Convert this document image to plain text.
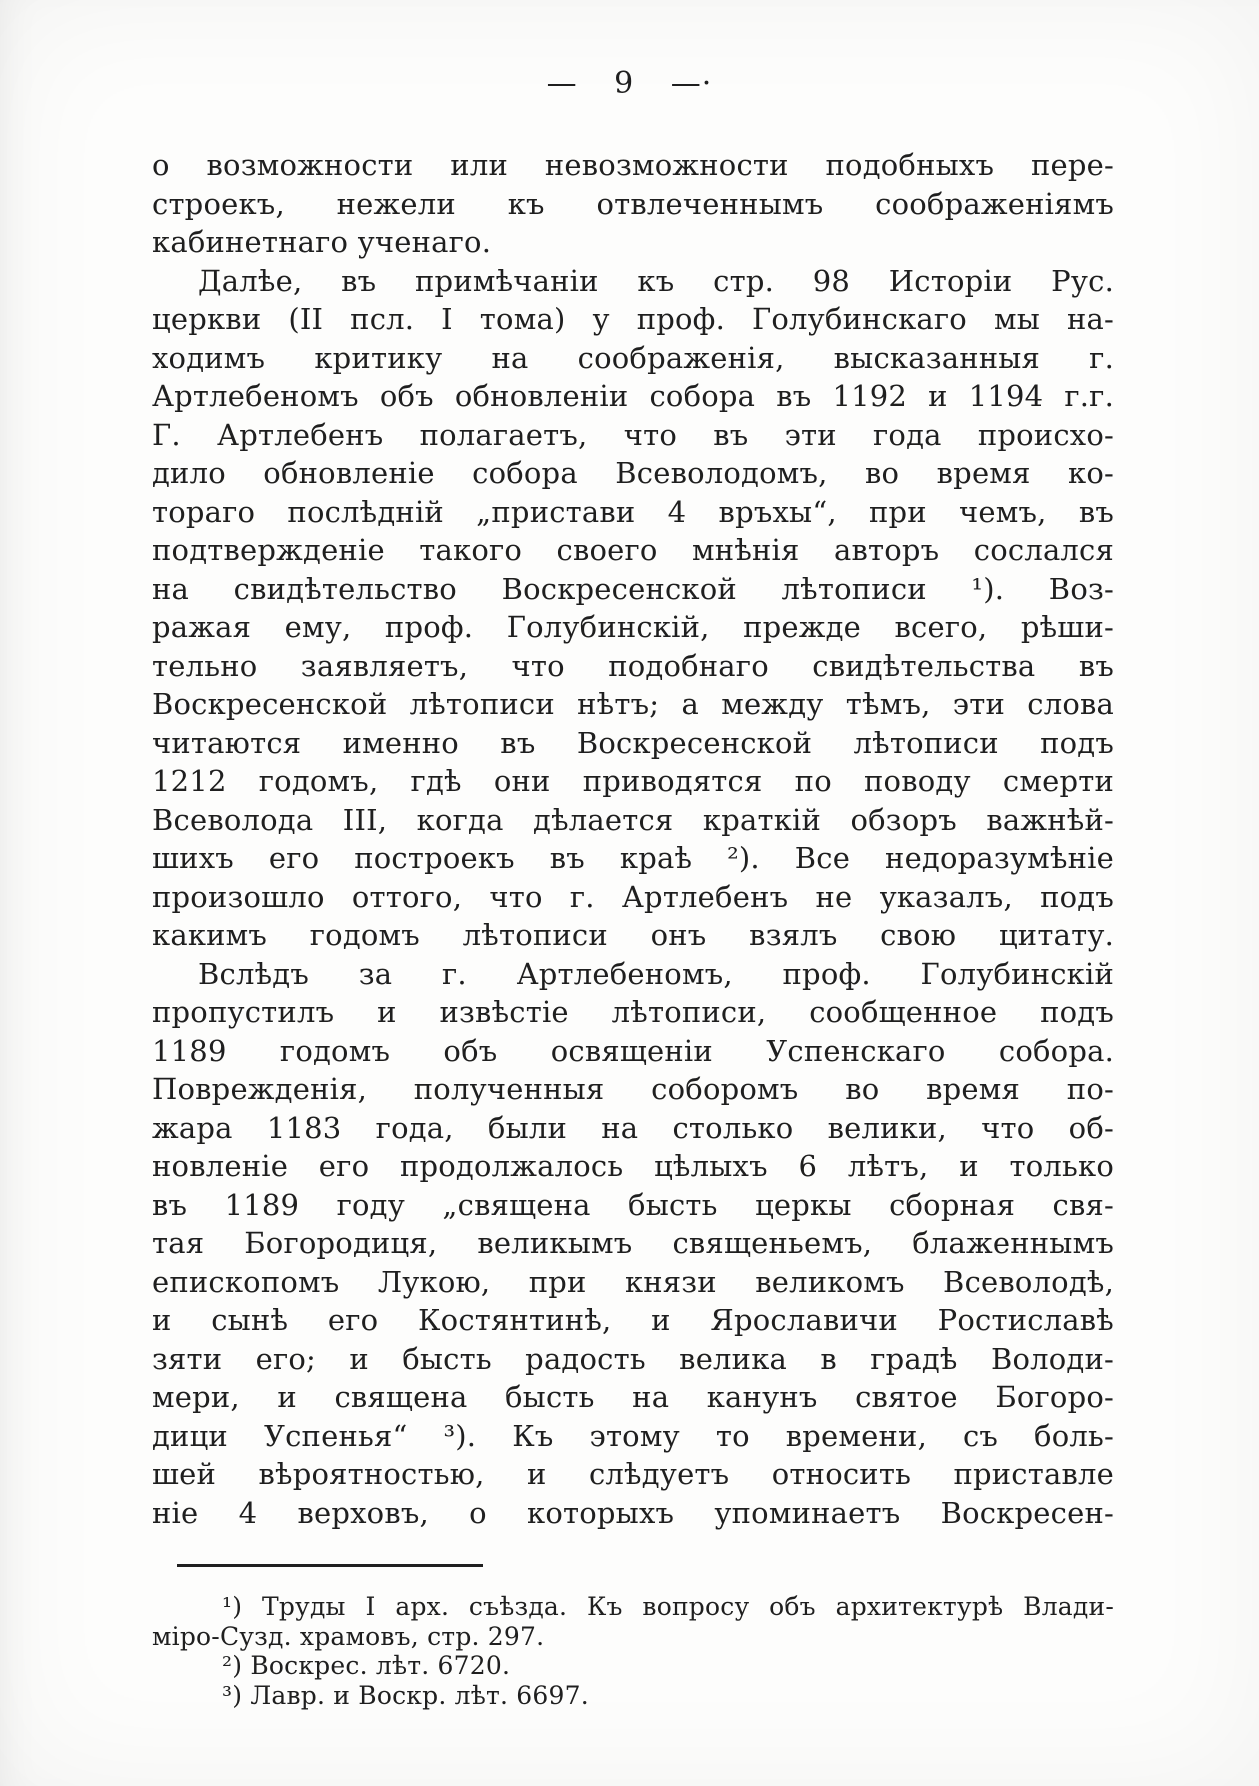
— 9 —·
о возможности или невозможности подобныхъ пере-
строекъ, нежели къ отвлеченнымъ соображеніямъ
кабинетнаго ученаго.
Далѣе, въ примѣчаніи къ стр. 98 Исторіи Рус.
церкви (II псл. I тома) у проф. Голубинскаго мы на-
ходимъ критику на соображенія, высказанныя г.
Артлебеномъ объ обновленіи собора въ 1192 и 1194 г.г.
Г. Артлебенъ полагаетъ, что въ эти года происхо-
дило обновленіе собора Всеволодомъ, во время ко-
тораго послѣдній „пристави 4 връхы“, при чемъ, въ
подтвержденіе такого своего мнѣнія авторъ сослался
на свидѣтельство Воскресенской лѣтописи ¹). Воз-
ражая ему, проф. Голубинскій, прежде всего, рѣши-
тельно заявляетъ, что подобнаго свидѣтельства въ
Воскресенской лѣтописи нѣтъ; а между тѣмъ, эти слова
читаются именно въ Воскресенской лѣтописи подъ
1212 годомъ, гдѣ они приводятся по поводу смерти
Всеволода III, когда дѣлается краткій обзоръ важнѣй-
шихъ его построекъ въ краѣ ²). Все недоразумѣніе
произошло оттого, что г. Артлебенъ не указалъ, подъ
какимъ годомъ лѣтописи онъ взялъ свою цитату.
Вслѣдъ за г. Артлебеномъ, проф. Голубинскій
пропустилъ и извѣстіе лѣтописи, сообщенное подъ
1189 годомъ объ освященіи Успенскаго собора.
Поврежденія, полученныя соборомъ во время по-
жара 1183 года, были на столько велики, что об-
новленіе его продолжалось цѣлыхъ 6 лѣтъ, и только
въ 1189 году „священа бысть церкы сборная свя-
тая Богородиця, великымъ священьемъ, блаженнымъ
епископомъ Лукою, при князи великомъ Всеволодѣ,
и сынѣ его Костянтинѣ, и Ярославичи Ростиславѣ
зяти его; и бысть радость велика в градѣ Володи-
мери, и священа бысть на канунъ святое Богоро-
дици Успенья“ ³). Къ этому то времени, съ боль-
шей вѣроятностью, и слѣдуетъ относить приставле
ніе 4 верховъ, о которыхъ упоминаетъ Воскресен-
¹) Труды I арх. съѣзда. Къ вопросу объ архитектурѣ Влади-
міро-Сузд. храмовъ, стр. 297.
²) Воскрес. лѣт. 6720.
³) Лавр. и Воскр. лѣт. 6697.
